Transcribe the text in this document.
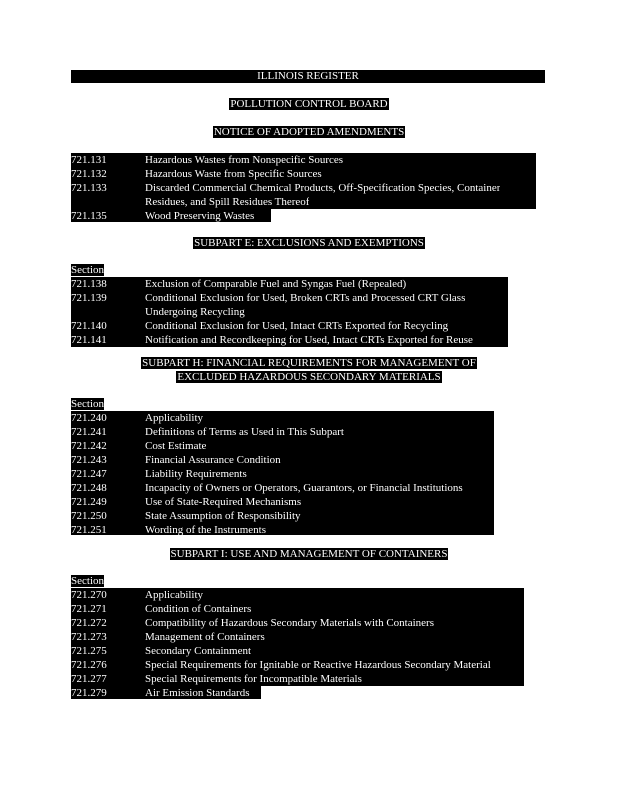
ILLINOIS REGISTER
POLLUTION CONTROL BOARD
NOTICE OF ADOPTED AMENDMENTS
721.131	Hazardous Wastes from Nonspecific Sources
721.132	Hazardous Waste from Specific Sources
721.133	Discarded Commercial Chemical Products, Off-Specification Species, Container
Residues, and Spill Residues Thereof
721.135	Wood Preserving Wastes
SUBPART E: EXCLUSIONS AND EXEMPTIONS
Section
721.138	Exclusion of Comparable Fuel and Syngas Fuel (Repealed)
721.139	Conditional Exclusion for Used, Broken CRTs and Processed CRT Glass
Undergoing Recycling
721.140	Conditional Exclusion for Used, Intact CRTs Exported for Recycling
721.141	Notification and Recordkeeping for Used, Intact CRTs Exported for Reuse
SUBPART H: FINANCIAL REQUIREMENTS FOR MANAGEMENT OF
EXCLUDED HAZARDOUS SECONDARY MATERIALS
Section
721.240	Applicability
721.241	Definitions of Terms as Used in This Subpart
721.242	Cost Estimate
721.243	Financial Assurance Condition
721.247	Liability Requirements
721.248	Incapacity of Owners or Operators, Guarantors, or Financial Institutions
721.249	Use of State-Required Mechanisms
721.250	State Assumption of Responsibility
721.251	Wording of the Instruments
SUBPART I: USE AND MANAGEMENT OF CONTAINERS
Section
721.270	Applicability
721.271	Condition of Containers
721.272	Compatibility of Hazardous Secondary Materials with Containers
721.273	Management of Containers
721.275	Secondary Containment
721.276	Special Requirements for Ignitable or Reactive Hazardous Secondary Material
721.277	Special Requirements for Incompatible Materials
721.279	Air Emission Standards
